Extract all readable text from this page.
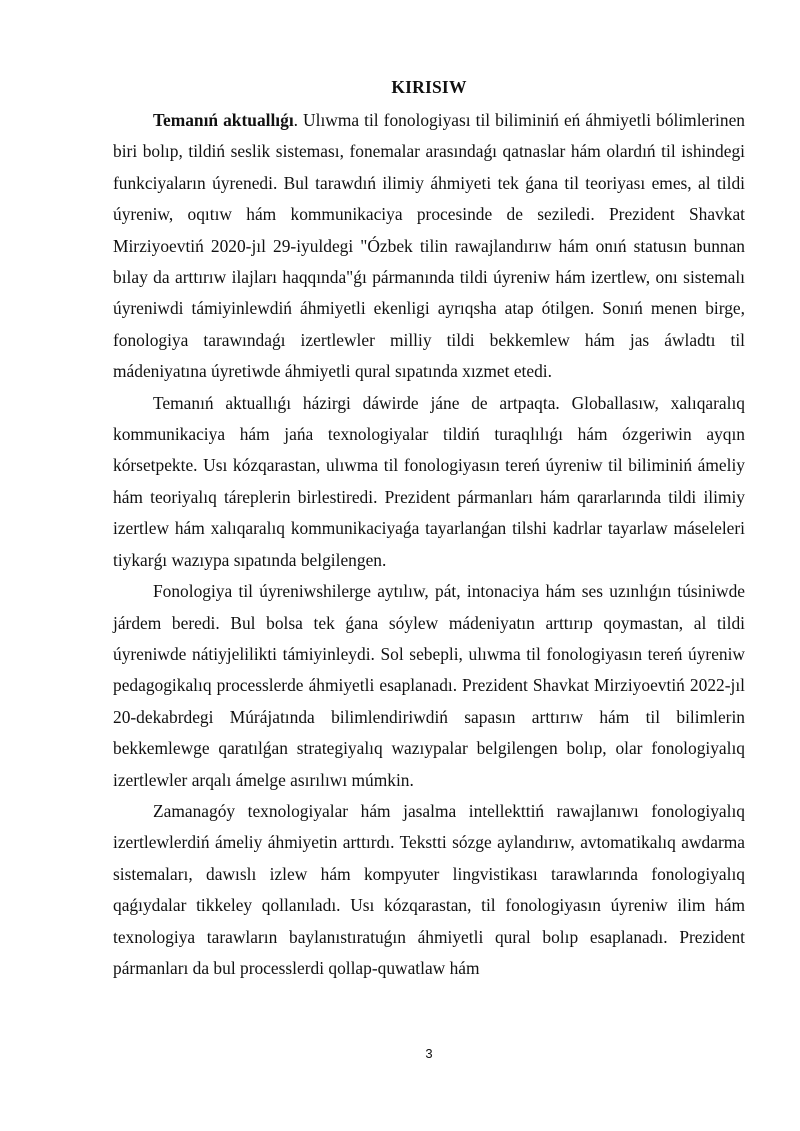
KIRISIW

Temanıń aktuallıǵı. Ulıwma til fonologiyası til biliminiń eń áhmiyetli bólimlerinen biri bolıp, tildiń seslik sisteması, fonemalar arasındaǵı qatnaslar hám olardıń til ishindegi funkciyaların úyrenedi. Bul tarawdıń ilimiy áhmiyeti tek ǵana til teoriyası emes, al tildi úyreniw, oqıtıw hám kommunikaciya procesinde de seziledi. Prezident Shavkat Mirziyoevtiń 2020-jıl 29-iyuldegi "Ózbek tilin rawajlandırıw hám onıń statusın bunnan bılay da arttırıw ilajları haqqında"ǵı pármanında tildi úyreniw hám izertlew, onı sistemalı úyreniwdi támiyinlewdiń áhmiyetli ekenligi ayrıqsha atap ótilgen. Sonıń menen birge, fonologiya tarawındaǵı izertlewler milliy tildi bekkemlew hám jas áwladtı til mádeniyatına úyretiwde áhmiyetli qural sıpatında xızmet etedi.

Temanıń aktuallıǵı házirgi dáwirde jáne de artpaqta. Globallasıw, xalıqaralıq kommunikaciya hám jańa texnologiyalar tildiń turaqlılıǵı hám ózgeriwin ayqın kórsetpekte. Usı kózqarastan, ulıwma til fonologiyasın tereń úyreniw til biliminiń ámeliy hám teoriyalıq táreplerin birlestiredi. Prezident pármanları hám qararlarında tildi ilimiy izertlew hám xalıqaralıq kommunikaciyaǵa tayarlanǵan tilshi kadrlar tayarlaw máseleleri tiykarǵı wazıypa sıpatında belgilengen.

Fonologiya til úyreniwshilerge aytılıw, pát, intonaciya hám ses uzınlıǵın túsiniwde járdem beredi. Bul bolsa tek ǵana sóylew mádeniyatın arttırıp qoymastan, al tildi úyreniwde nátiyjelilikti támiyinleydi. Sol sebepli, ulıwma til fonologiyasın tereń úyreniw pedagogikalıq processlerde áhmiyetli esaplanadı. Prezident Shavkat Mirziyoevtiń 2022-jıl 20-dekabrdegi Múrájatında bilimlendiriwdiń sapasın arttırıw hám til bilimlerin bekkemlewge qaratılǵan strategiyalıq wazıypalar belgilengen bolıp, olar fonologiyalıq izertlewler arqalı ámelge asırılıwı múmkin.

Zamanagóy texnologiyalar hám jasalma intellekttiń rawajlanıwı fonologiyalıq izertlewlerdiń ámeliy áhmiyetin arttırdı. Tekstti sózge aylandırıw, avtomatikalıq awdarma sistemaları, dawıslı izlew hám kompyuter lingvistikası tarawlarında fonologiyalıq qaǵıydalar tikkeley qollanıladı. Usı kózqarastan, til fonologiyasın úyreniw ilim hám texnologiya tarawların baylanıstıratuǵın áhmiyetli qural bolıp esaplanadı. Prezident pármanları da bul processlerdi qollap-quwatlaw hám

3
